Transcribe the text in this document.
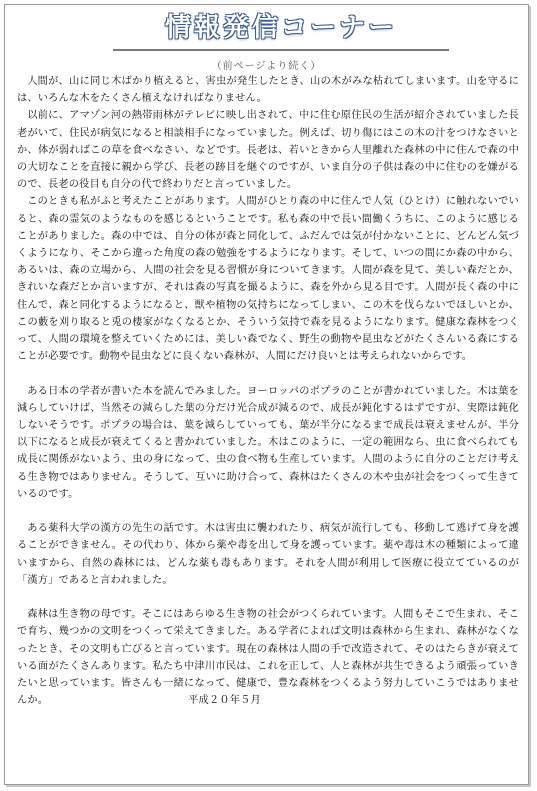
情報発信コーナー
（前ページより続く）

人間が、山に同じ木ばかり植えると、害虫が発生したとき、山の木がみな枯れてしまいます。山を守るには、いろんな木をたくさん植えなければなりません。

以前に、アマゾン河の熱帯雨林がテレビに映し出されて、中に住む原住民の生活が紹介されていました長老がいて、住民が病気になると相談相手になっていました。例えば、切り傷にはこの木の汁をつけなさいとか、体が弱ればこの草を食べなさい、などです。長老は、若いときから人里離れた森林の中に住んで森の中の大切なことを直接に親から学び、長老の跡目を継ぐのですが、いま自分の子供は森の中に住むのを嫌がるので、長老の役目も自分の代で終わりだと言っていました。

このときも私がふと考えたことがあります。人間がひとり森の中に住んで人気（ひとけ）に触れないでいると、森の霊気のようなものを感じるということです。私も森の中で長い間働くうちに、このように感じることがありました。森の中では、自分の体が森と同化して、ふだんでは気が付かないことに、どんどん気づくようになり、そこから違った角度の森の勉強をするようになります。そして、いつの間にか森の中から、あるいは、森の立場から、人間の社会を見る習慣が身についてきます。人間が森を見て、美しい森だとか、きれいな森だとか言いますが、それは森の写真を撮るように、森を外から見る目です。人間が長く森の中に住んで、森と同化するようになると、獣や植物の気持ちになってしまい、この木を伐らないでほしいとか、この藪を刈り取ると兎の棲家がなくなるとか、そういう気持で森を見るようになります。健康な森林をつくって、人間の環境を整えていくためには、美しい森でなく、野生の動物や昆虫などがたくさんいる森にすることが必要です。動物や昆虫などに良くない森林が、人間にだけ良いとは考えられないからです。

ある日本の学者が書いた本を読んでみました。ヨーロッパのポプラのことが書かれていました。木は葉を減らしていけば、当然その減らした葉の分だけ光合成が減るので、成長が鈍化するはずですが、実際は鈍化しないそうです。ポプラの場合は、葉を減らしていっても、葉が半分になるまで成長は衰えませんが、半分以下になると成長が衰えてくると書かれていました。木はこのように、一定の範囲なら、虫に食べられても成長に関係がないよう、虫の身になって、虫の食べ物も生産しています。人間のように自分のことだけ考える生き物ではありません。そうして、互いに助け合って、森林はたくさんの木や虫が社会をつくって生きているのです。

ある薬科大学の漢方の先生の話です。木は害虫に襲われたり、病気が流行しても、移動して逃げて身を護ることができません。その代わり、体から薬や毒を出して身を護っています。薬や毒は木の種類によって違いますから、自然の森林には、どんな薬も毒もあります。それを人間が利用して医療に役立てているのが「漢方」であると言われました。

森林は生き物の母です。そこにはあらゆる生き物の社会がつくられています。人間もそこで生まれ、そこで育ち、幾つかの文明をつくって栄えてきました。ある学者によれば文明は森林から生まれ、森林がなくなったとき、その文明も亡びると言っています。現在の森林は人間の手で改造されて、そのはたらきが衰えている面がたくさんあります。私たち中津川市民は、これを正して、人と森林が共生できるよう頑張っていきたいと思っています。皆さんも一緒になって、健康で、豊な森林をつくるよう努力していこうではありませんか。	平成２０年５月
